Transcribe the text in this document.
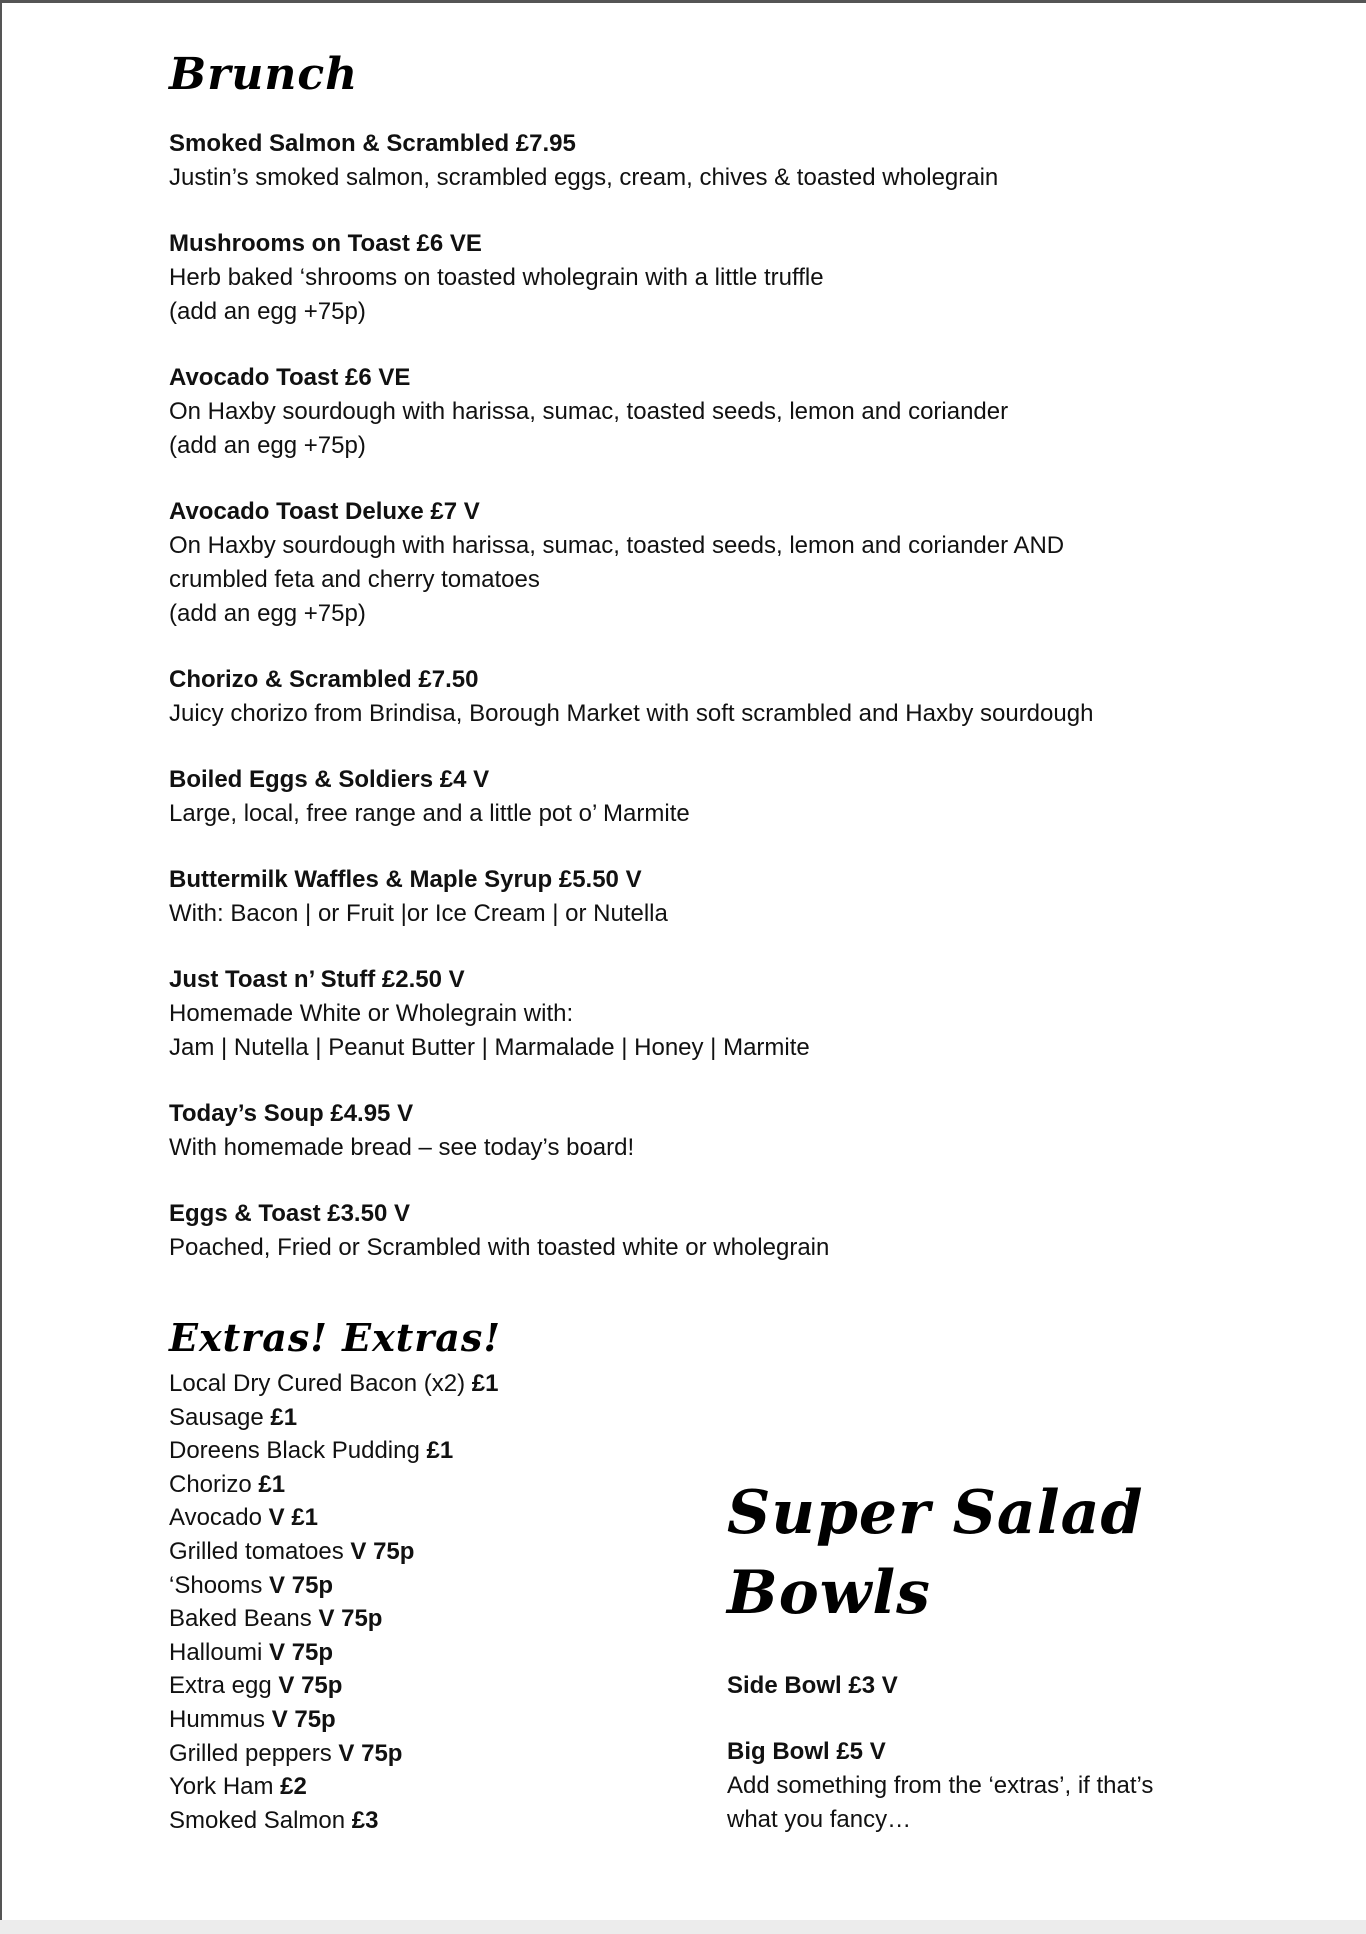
Brunch
Smoked Salmon & Scrambled £7.95
Justin’s smoked salmon, scrambled eggs, cream, chives & toasted wholegrain
Mushrooms on Toast £6 VE
Herb baked ‘shrooms on toasted wholegrain with a little truffle
(add an egg +75p)
Avocado Toast £6 VE
On Haxby sourdough with harissa, sumac, toasted seeds, lemon and coriander
(add an egg +75p)
Avocado Toast Deluxe £7 V
On Haxby sourdough with harissa, sumac, toasted seeds, lemon and coriander AND
crumbled feta and cherry tomatoes
(add an egg +75p)
Chorizo & Scrambled £7.50
Juicy chorizo from Brindisa, Borough Market with soft scrambled and Haxby sourdough
Boiled Eggs & Soldiers £4 V
Large, local, free range and a little pot o’ Marmite
Buttermilk Waffles & Maple Syrup £5.50 V
With: Bacon | or Fruit |or Ice Cream | or Nutella
Just Toast n’ Stuff £2.50 V
Homemade White or Wholegrain with:
Jam | Nutella | Peanut Butter | Marmalade | Honey | Marmite
Today’s Soup £4.95 V
With homemade bread – see today’s board!
Eggs & Toast £3.50 V
Poached, Fried or Scrambled with toasted white or wholegrain
Extras! Extras!
Local Dry Cured Bacon (x2) £1
Sausage £1
Doreens Black Pudding £1
Chorizo £1
Avocado V £1
Grilled tomatoes V 75p
‘Shooms V 75p
Baked Beans V 75p
Halloumi V 75p
Extra egg V 75p
Hummus V 75p
Grilled peppers V 75p
York Ham £2
Smoked Salmon £3
Super Salad
Bowls
Side Bowl £3 V
Big Bowl £5 V
Add something from the ‘extras’, if that’s
what you fancy…
